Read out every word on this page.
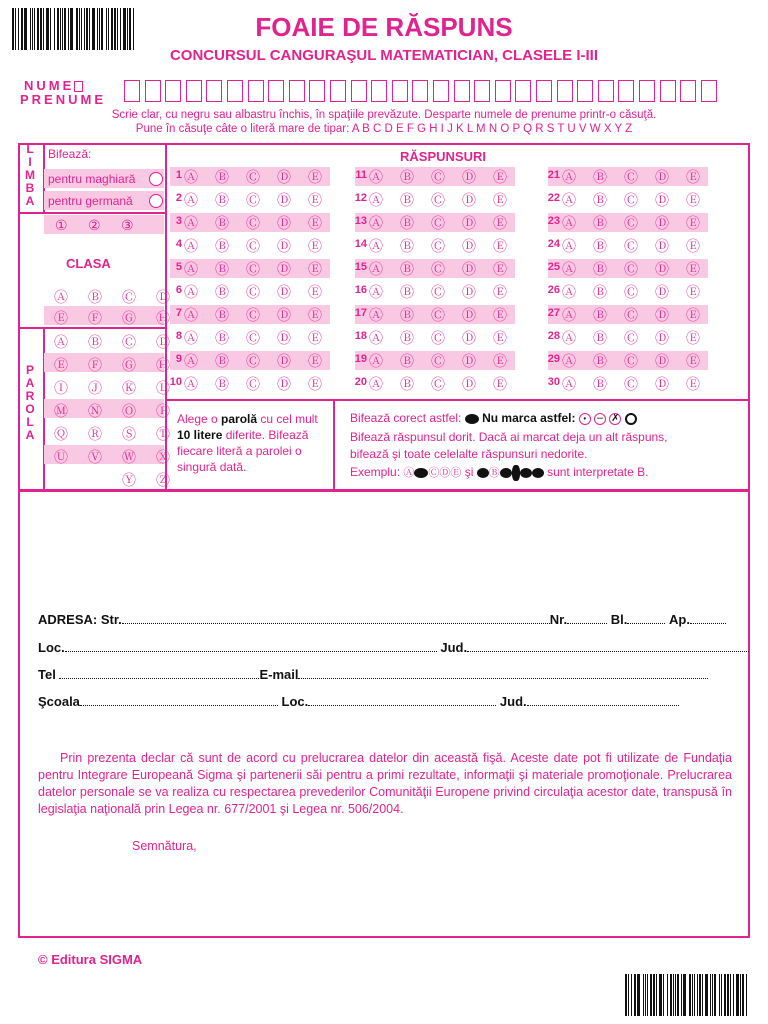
FOAIE DE RĂSPUNS
CONCURSUL CANGURAŞUL MATEMATICIAN, CLASELE I-III
NUME
PRENUME
Scrie clar, cu negru sau albastru închis, în spaţiile prevăzute. Desparte numele de prenume printr-o căsuţă.
Pune în căsuţe câte o literă mare de tipar: A B C D E F G H I J K L M N O P Q R S T U V W X Y Z
L
I
M
B
A
Bifează:
pentru maghiară
pentru germană
CLASA
P
A
R
O
L
A
RĂSPUNSURI
Alege o parolă cu cel mult 10 litere diferite. Bifează fiecare literă a parolei o singură dată.
Bifează corect astfel: Nu marca astfel: • – ✗
Bifează răspunsul dorit. Dacă ai marcat deja un alt răspuns,
bifează şi toate celelalte răspunsuri nedorite.
Exemplu: Ⓐ ⒸⒹⒺ şi Ⓑ	sunt interpretate B.
ADRESA: Str.	Nr.	Bl.	Ap.
Loc.	Jud.
Tel	E-mail
Şcoala	Loc.	Jud.
Prin prezenta declar că sunt de acord cu prelucrarea datelor din această fişă. Aceste date pot fi utilizate de Fundaţia pentru Integrare Europeană Sigma şi partenerii săi pentru a primi rezultate, informaţii şi materiale promoţionale. Prelucrarea datelor personale se va realiza cu respectarea prevederilor Comunităţii Europene privind circulaţia acestor date, transpusă în legislaţia naţională prin Legea nr. 677/2001 şi Legea nr. 506/2004.
Semnătura,
© Editura SIGMA
① ② ③
Ⓐ Ⓑ Ⓒ Ⓓ
Ⓔ Ⓕ Ⓖ Ⓗ
Ⓐ Ⓑ Ⓒ Ⓓ
Ⓔ Ⓕ Ⓖ Ⓗ
Ⓘ Ⓙ Ⓚ Ⓛ
Ⓜ Ⓝ Ⓞ Ⓟ
Ⓠ Ⓡ Ⓢ Ⓣ
Ⓤ Ⓥ Ⓦ Ⓧ
Ⓨ Ⓩ
1 Ⓐ Ⓑ Ⓒ Ⓓ Ⓔ
2 Ⓐ Ⓑ Ⓒ Ⓓ Ⓔ
3 Ⓐ Ⓑ Ⓒ Ⓓ Ⓔ
4 Ⓐ Ⓑ Ⓒ Ⓓ Ⓔ
5 Ⓐ Ⓑ Ⓒ Ⓓ Ⓔ
6 Ⓐ Ⓑ Ⓒ Ⓓ Ⓔ
7 Ⓐ Ⓑ Ⓒ Ⓓ Ⓔ
8 Ⓐ Ⓑ Ⓒ Ⓓ Ⓔ
9 Ⓐ Ⓑ Ⓒ Ⓓ Ⓔ
10 Ⓐ Ⓑ Ⓒ Ⓓ Ⓔ
11 Ⓐ Ⓑ Ⓒ Ⓓ Ⓔ
12 Ⓐ Ⓑ Ⓒ Ⓓ Ⓔ
13 Ⓐ Ⓑ Ⓒ Ⓓ Ⓔ
14 Ⓐ Ⓑ Ⓒ Ⓓ Ⓔ
15 Ⓐ Ⓑ Ⓒ Ⓓ Ⓔ
16 Ⓐ Ⓑ Ⓒ Ⓓ Ⓔ
17 Ⓐ Ⓑ Ⓒ Ⓓ Ⓔ
18 Ⓐ Ⓑ Ⓒ Ⓓ Ⓔ
19 Ⓐ Ⓑ Ⓒ Ⓓ Ⓔ
20 Ⓐ Ⓑ Ⓒ Ⓓ Ⓔ
21 Ⓐ Ⓑ Ⓒ Ⓓ Ⓔ
22 Ⓐ Ⓑ Ⓒ Ⓓ Ⓔ
23 Ⓐ Ⓑ Ⓒ Ⓓ Ⓔ
24 Ⓐ Ⓑ Ⓒ Ⓓ Ⓔ
25 Ⓐ Ⓑ Ⓒ Ⓓ Ⓔ
26 Ⓐ Ⓑ Ⓒ Ⓓ Ⓔ
27 Ⓐ Ⓑ Ⓒ Ⓓ Ⓔ
28 Ⓐ Ⓑ Ⓒ Ⓓ Ⓔ
29 Ⓐ Ⓑ Ⓒ Ⓓ Ⓔ
30 Ⓐ Ⓑ Ⓒ Ⓓ Ⓔ
